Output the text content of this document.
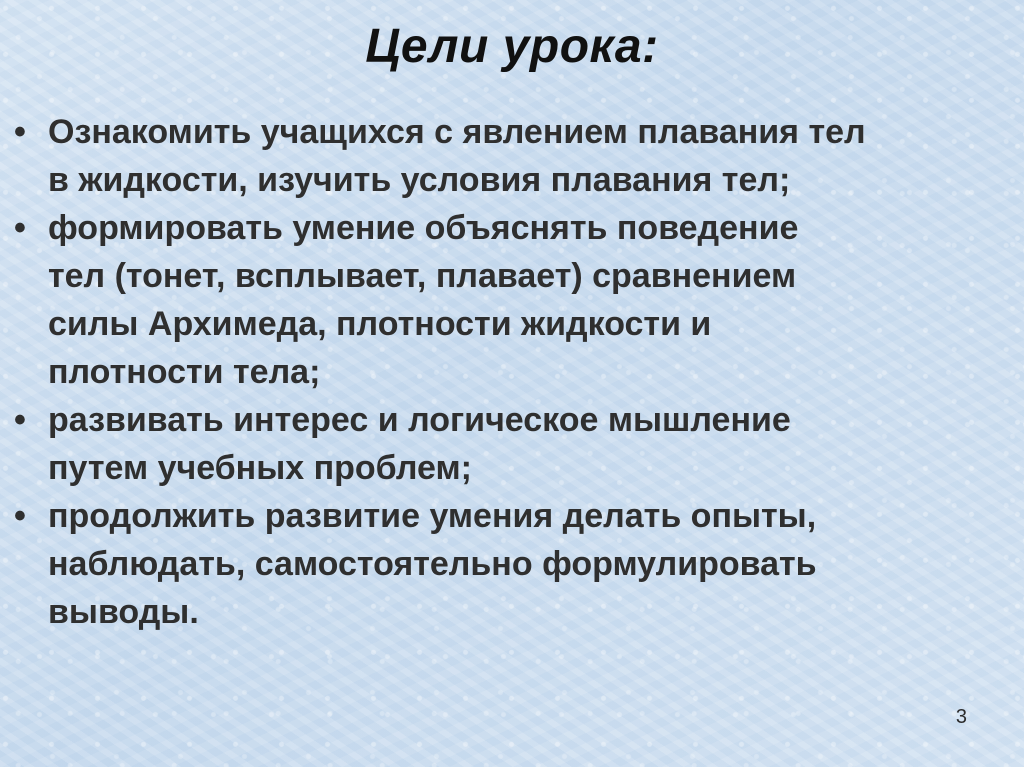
Цели урока:
• Ознакомить учащихся с явлением плавания тел
в жидкости, изучить условия плавания тел;
• формировать умение объяснять поведение
тел (тонет, всплывает, плавает) сравнением
силы Архимеда, плотности жидкости и
плотности тела;
• развивать интерес и логическое мышление
путем учебных проблем;
• продолжить развитие умения делать опыты,
наблюдать, самостоятельно формулировать
выводы.
3
